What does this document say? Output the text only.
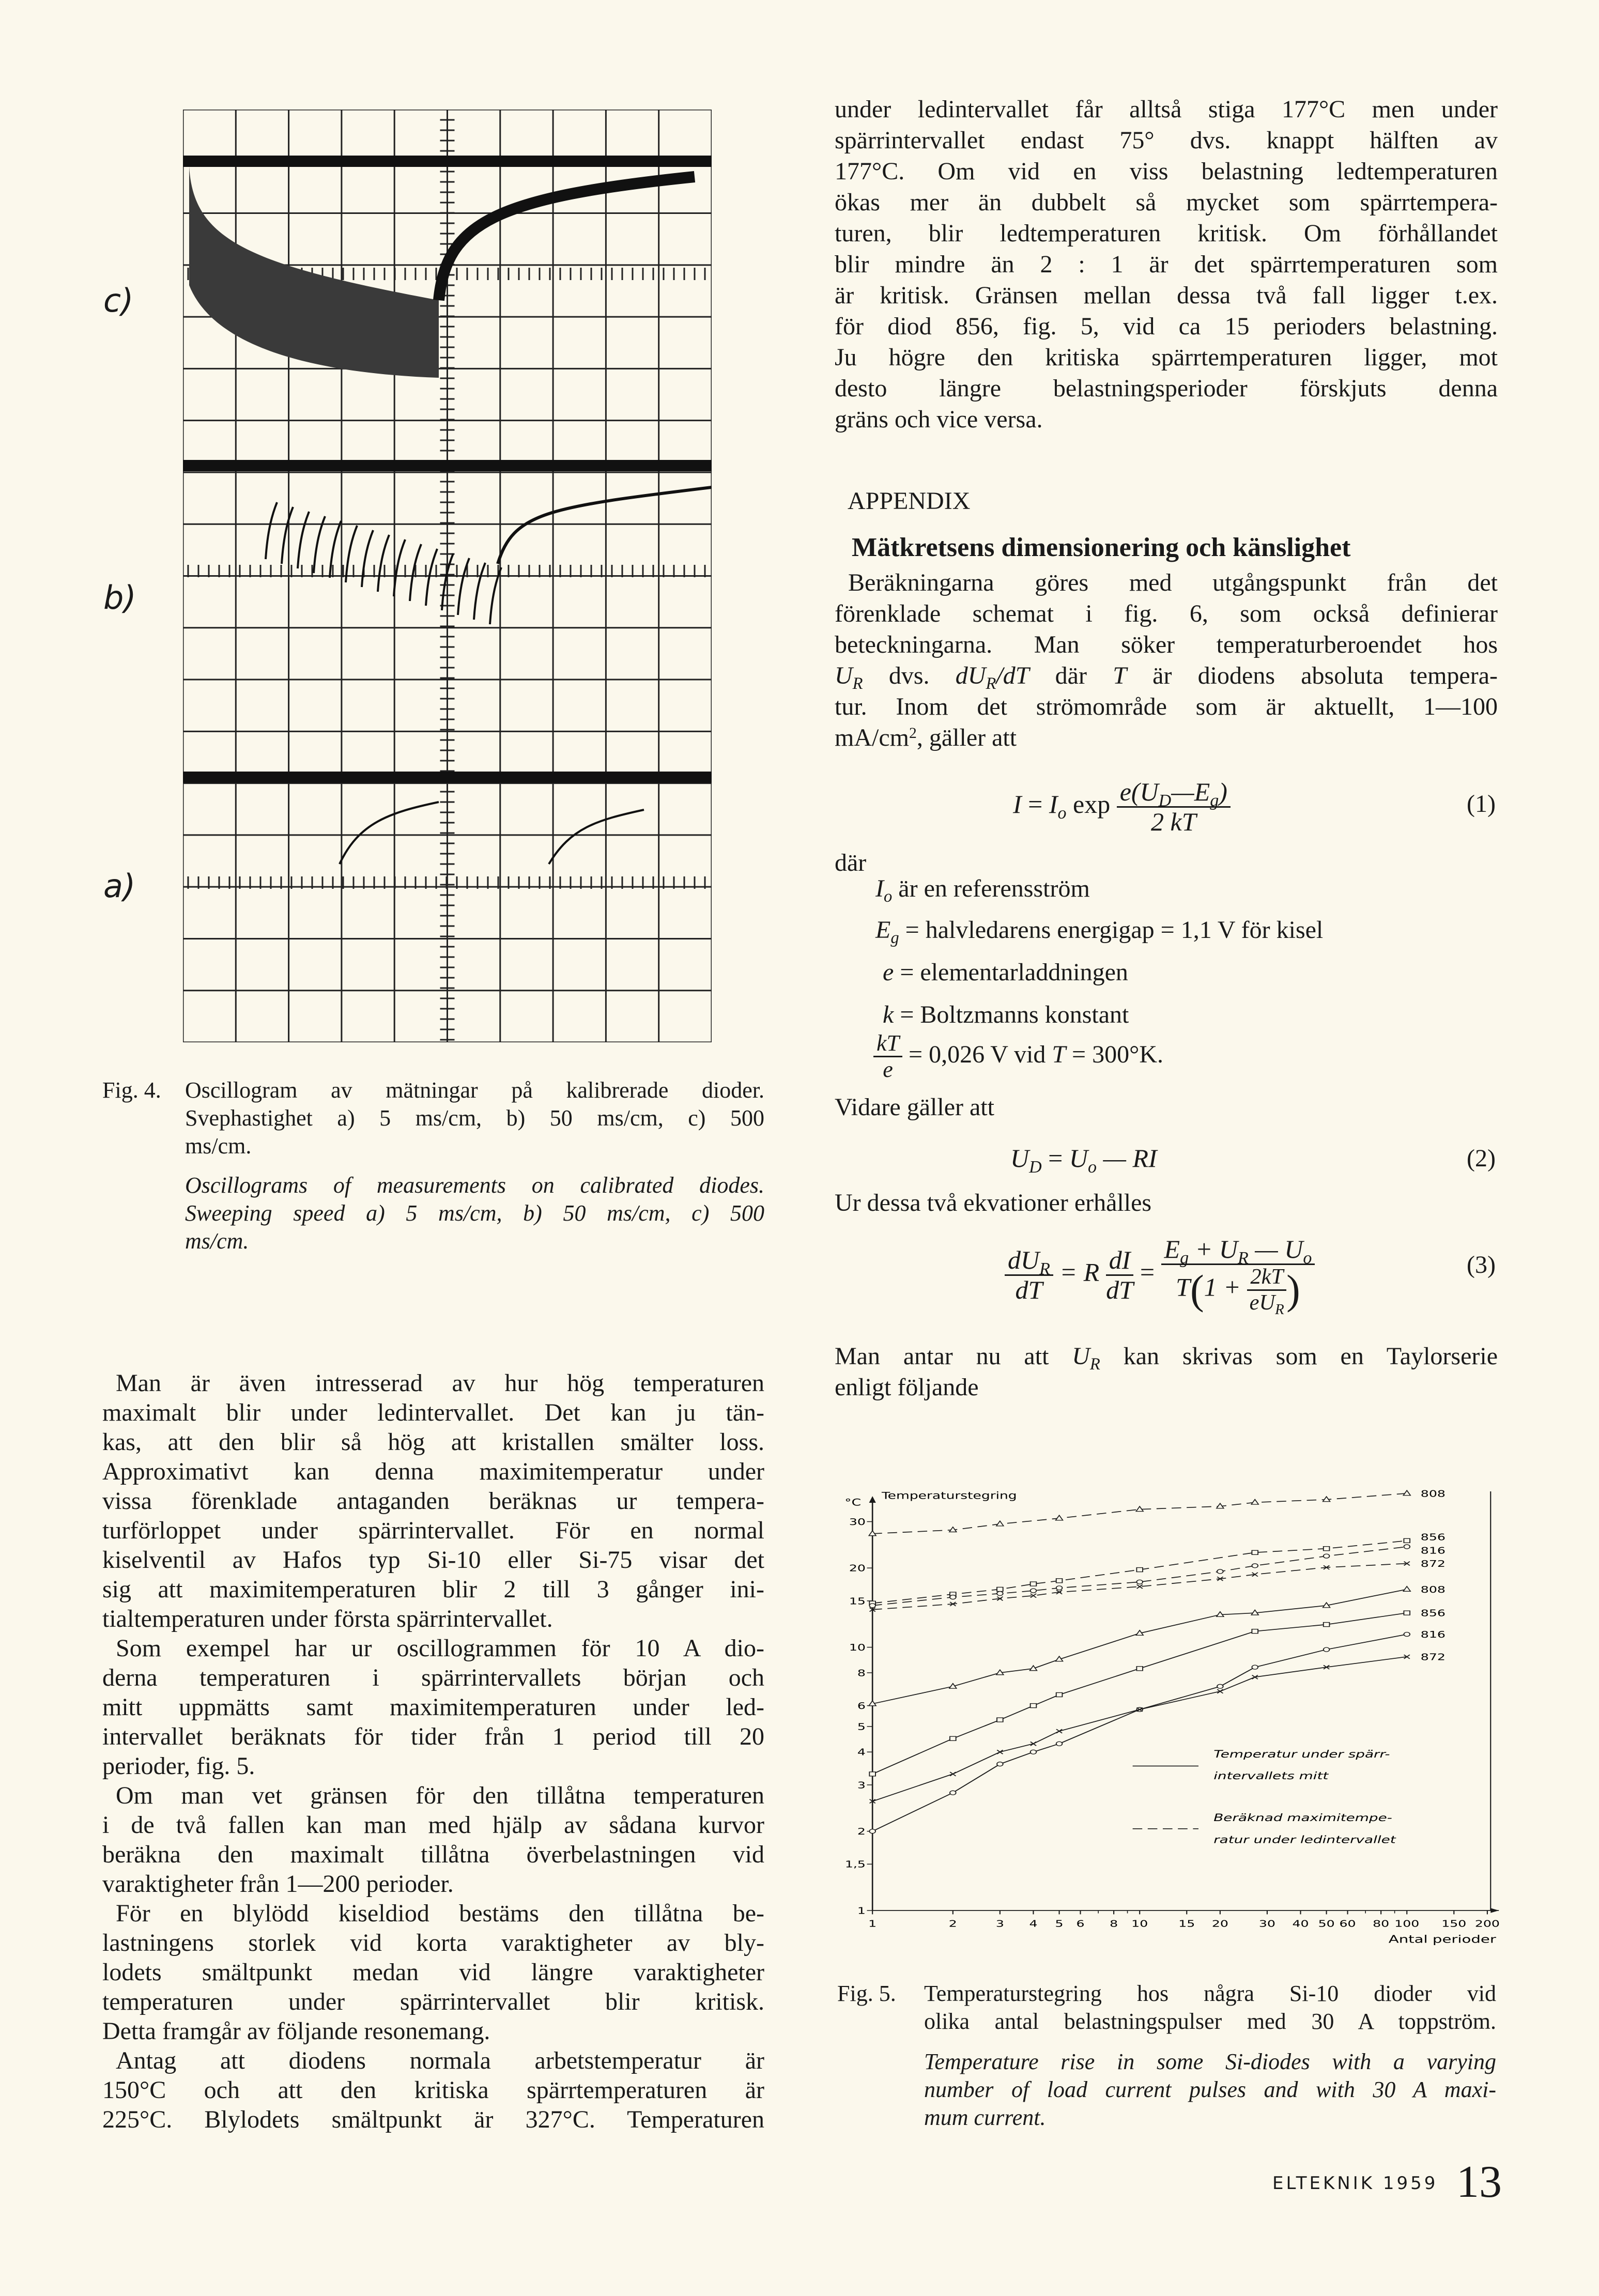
c)
b)
a)
Fig. 4. Oscillogram av mätningar på kalibrerade dioder.
Svephastighet a) 5 ms/cm, b) 50 ms/cm, c) 500
ms/cm.
Oscillograms of measurements on calibrated diodes.
Sweeping speed a) 5 ms/cm, b) 50 ms/cm, c) 500
ms/cm.
Man är även intresserad av hur hög temperaturen
maximalt blir under ledintervallet. Det kan ju tän-
kas, att den blir så hög att kristallen smälter loss.
Approximativt kan denna maximitemperatur under
vissa förenklade antaganden beräknas ur tempera-
turförloppet under spärrintervallet. För en normal
kiselventil av Hafos typ Si-10 eller Si-75 visar det
sig att maximitemperaturen blir 2 till 3 gånger ini-
tialtemperaturen under första spärrintervallet.
Som exempel har ur oscillogrammen för 10 A dio-
derna temperaturen i spärrintervallets början och
mitt uppmätts samt maximitemperaturen under led-
intervallet beräknats för tider från 1 period till 20
perioder, fig. 5.
Om man vet gränsen för den tillåtna temperaturen
i de två fallen kan man med hjälp av sådana kurvor
beräkna den maximalt tillåtna överbelastningen vid
varaktigheter från 1—200 perioder.
För en blylödd kiseldiod bestäms den tillåtna be-
lastningens storlek vid korta varaktigheter av bly-
lodets smältpunkt medan vid längre varaktigheter
temperaturen under spärrintervallet blir kritisk.
Detta framgår av följande resonemang.
Antag att diodens normala arbetstemperatur är
150°C och att den kritiska spärrtemperaturen är
225°C. Blylodets smältpunkt är 327°C. Temperaturen
under ledintervallet får alltså stiga 177°C men under
spärrintervallet endast 75° dvs. knappt hälften av
177°C. Om vid en viss belastning ledtemperaturen
ökas mer än dubbelt så mycket som spärrtempera-
turen, blir ledtemperaturen kritisk. Om förhållandet
blir mindre än 2 : 1 är det spärrtemperaturen som
är kritisk. Gränsen mellan dessa två fall ligger t.ex.
för diod 856, fig. 5, vid ca 15 perioders belastning.
Ju högre den kritiska spärrtemperaturen ligger, mot
desto längre belastningsperioder förskjuts denna
gräns och vice versa.
APPENDIX
Mätkretsens dimensionering och känslighet
Beräkningarna göres med utgångspunkt från det
förenklade schemat i fig. 6, som också definierar
beteckningarna. Man söker temperaturberoendet hos
$U_R$ dvs. $dU_R/dT$ där T är diodens absoluta tempera-
tur. Inom det strömområde som är aktuellt, 1—100
$mA/cm^2$, gäller att
$I = I_o$ $\exp \frac{e(U_D—E_g)}{2 kT}$	(1)
där
$I_o$ är en referensström
$E_g$ = halvledarens energigap = 1,1 V för kisel
e = elementarladdningen
k = Boltzmanns konstant
$\frac{kT}{e} = 0,026$ V vid T = 300°K.
Vidare gäller att
$U_D = U_o$ — RI	(2)
Ur dessa två ekvationer erhålles
$\frac{dU_R}{dT} = R \frac{dI}{dT} = \frac{E_g + U_R — U_o}{T(1 + \frac{2kT}{eU_R} )}$	(3)
Man antar nu att $U_R$ kan skrivas som en Taylorserie
enligt följande
1
1,5
2
3
4
5
6
8
10
15
20
30
1	2	3	4	5	6	8	10	15	20	30	40 50 60	80 100	150 200
°C
Temperaturstegring
Antal perioder
808
856
816
872
808
856
816
872
Temperatur under spärr-
intervallets mitt
Beräknad maximitempe-
ratur under ledintervallet
Fig. 5. Temperaturstegring hos några Si-10 dioder vid
olika antal belastningspulser med 30 A toppström.
Temperature rise in some Si-diodes with a varying
number of load current pulses and with 30 A maxi-
mum current.
ELTEKNIK 1959 13
